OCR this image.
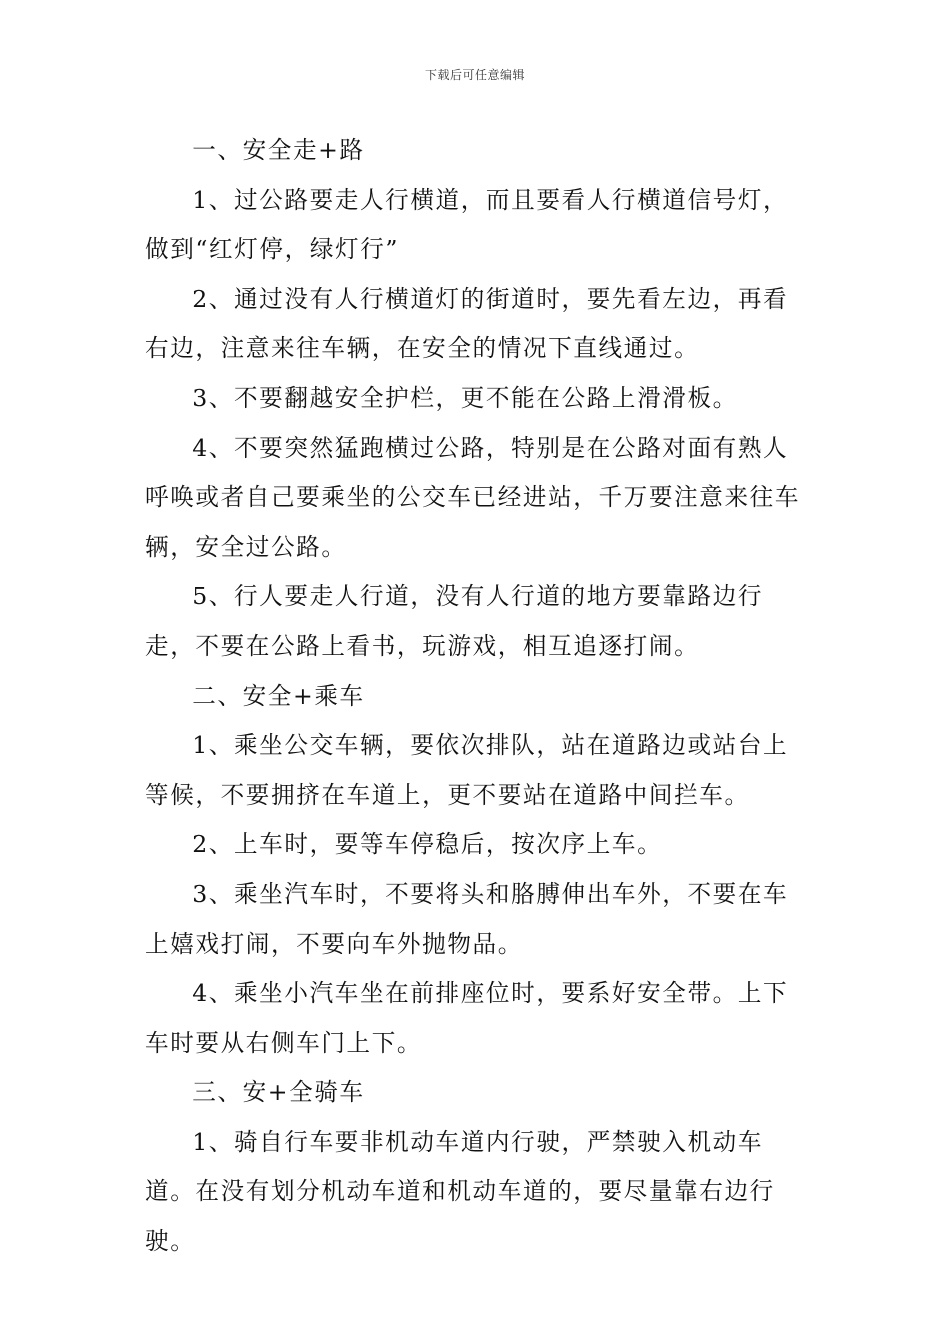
下载后可任意编辑

一、安全走+路

1、过公路要走人行横道，而且要看人行横道信号灯，做到“红灯停，绿灯行”

2、通过没有人行横道灯的街道时，要先看左边，再看右边，注意来往车辆，在安全的情况下直线通过。

3、不要翻越安全护栏，更不能在公路上滑滑板。

4、不要突然猛跑横过公路，特别是在公路对面有熟人呼唤或者自己要乘坐的公交车已经进站，千万要注意来往车辆，安全过公路。

5、行人要走人行道，没有人行道的地方要靠路边行走，不要在公路上看书，玩游戏，相互追逐打闹。

二、安全+乘车

1、乘坐公交车辆，要依次排队，站在道路边或站台上等候，不要拥挤在车道上，更不要站在道路中间拦车。

2、上车时，要等车停稳后，按次序上车。

3、乘坐汽车时，不要将头和胳膊伸出车外，不要在车上嬉戏打闹，不要向车外抛物品。

4、乘坐小汽车坐在前排座位时，要系好安全带。上下车时要从右侧车门上下。

三、安+全骑车

1、骑自行车要非机动车道内行驶，严禁驶入机动车道。在没有划分机动车道和机动车道的，要尽量靠右边行驶。
